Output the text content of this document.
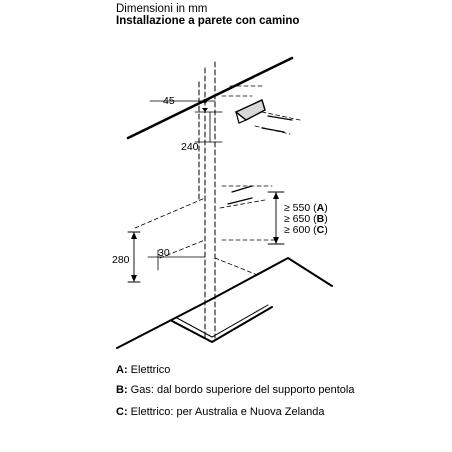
Dimensioni in mm
Installazione a parete con camino
45
240
30
280
≥ 550 (A)
≥ 650 (B)
≥ 600 (C)
A: Elettrico
B: Gas: dal bordo superiore del supporto pentola
C: Elettrico: per Australia e Nuova Zelanda
